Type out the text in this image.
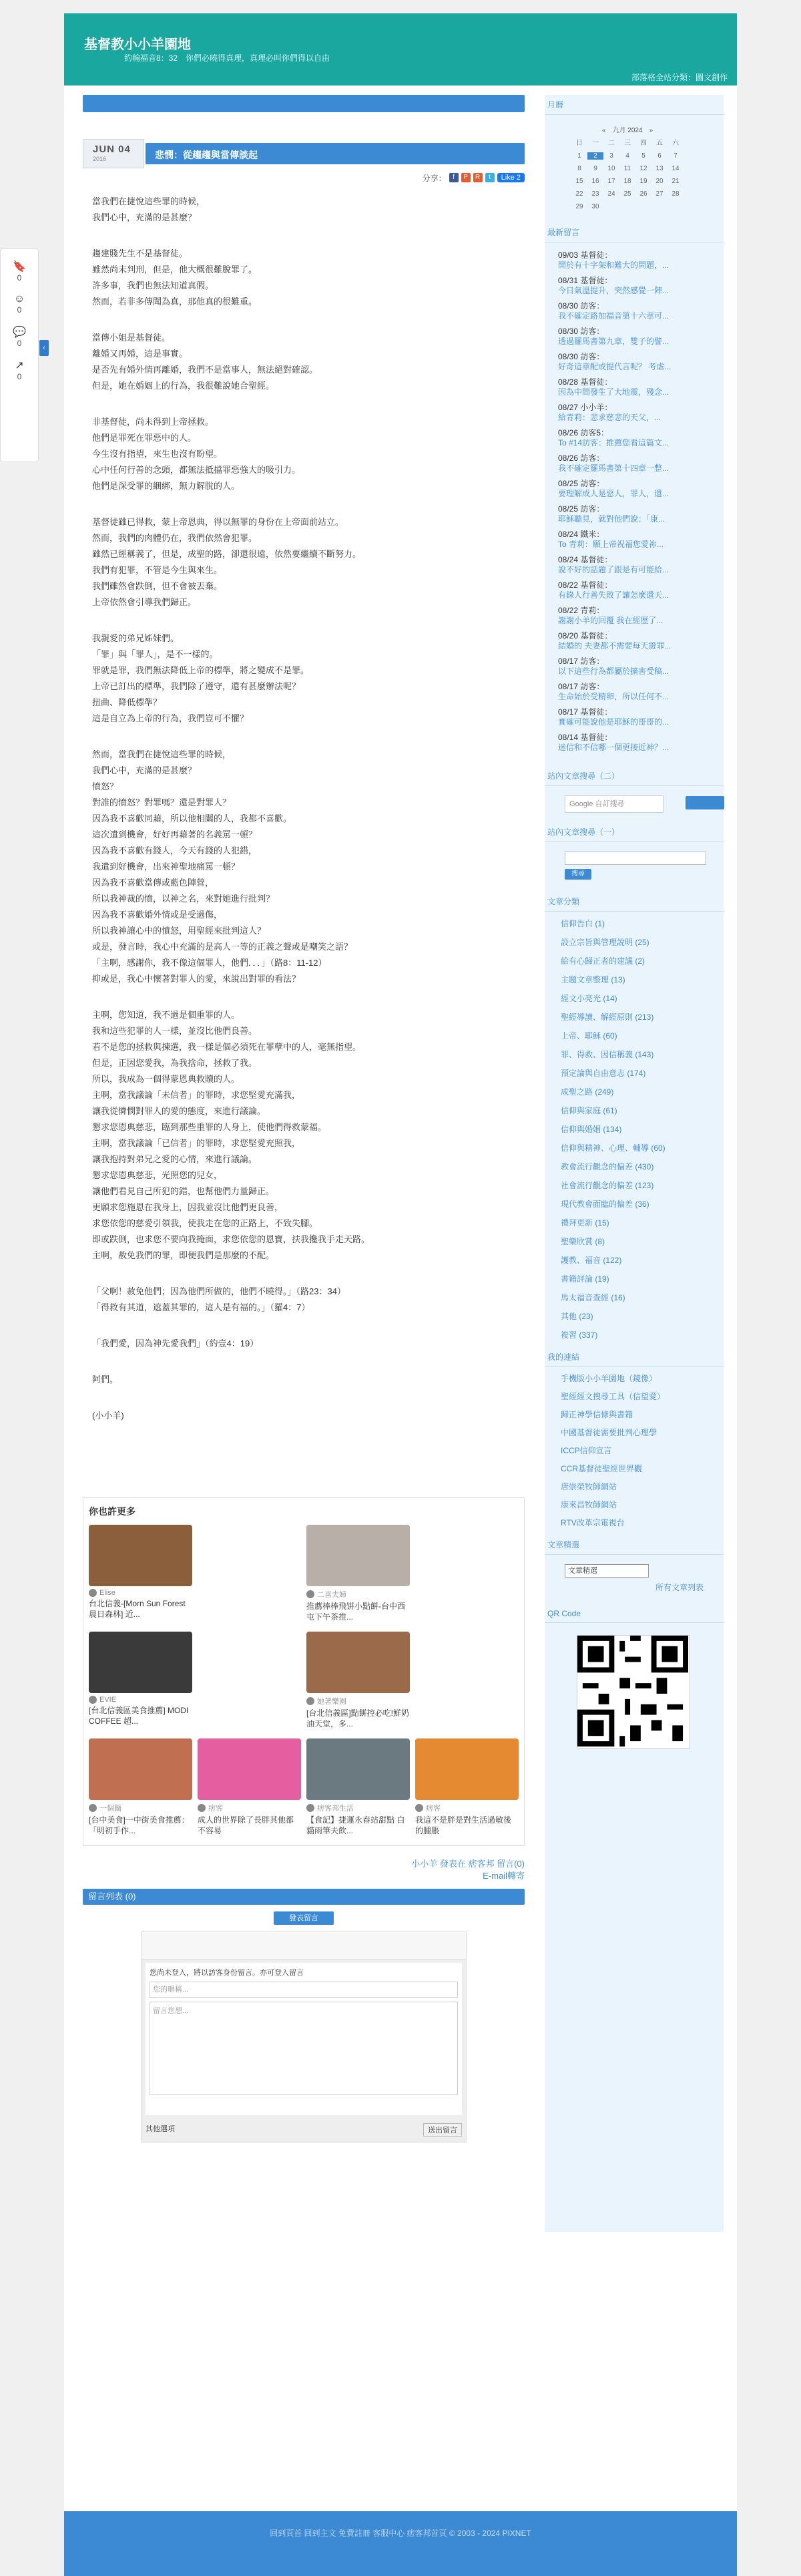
基督教小小羊園地
約翰福音8：32　你們必曉得真理，真理必叫你們得以自由
部落格全站分類：圖文創作
JUN 04
2016	悲憫：從趨趨與當傳談起
分享： f	P	R	t	Like 2
當我們在捷悅這些罪的時候，
我們心中，充滿的是甚麼？
趨建賤先生不是基督徒。
雖然尚未判刑，但是，他大概很難脫罪了。
許多事，我們也無法知道真假。
然而，若非多傳聞為真，那他真的很難重。
當傳小姐是基督徒。
離婚又再婚，這是事實。
是否先有婚外情再離婚，我們不是當事人，無法絕對確認。
但是，她在婚姻上的行為，我很難說她合聖經。
非基督徒，尚未得到上帝拯救。
他們是罪死在罪惡中的人。
今生沒有指望，來生也沒有盼望。
心中任何行善的念頭，都無法抵擋罪惡強大的吸引力。
他們是深受罪的綑綁，無力解脫的人。
基督徒雖已得救，蒙上帝恩典，得以無罪的身份在上帝面前站立。
然而，我們的肉體仍在，我們依然會犯罪。
雖然已經稱義了，但是，成聖的路，卻還很遠，依然要繼續不斷努力。
我們有犯罪，不管是今生與來生。
我們雖然會跌倒，但不會被丟棄。
上帝依然會引導我們歸正。
我親愛的弟兄姊妹們。
「罪」與「罪人」，是不一樣的。
罪就是罪，我們無法降低上帝的標準，將之變成不是罪。
上帝已訂出的標準，我們除了遵守，還有甚麼辦法呢？
扭曲、降低標準？
這是自立為上帝的行為，我們豈可不懼？
然而，當我們在捷悅這些罪的時候，
我們心中，充滿的是甚麼？
憤怒？
對誰的憤怒？對罪嗎？還是對罪人？
因為我不喜歡同藉，所以他相關的人，我都不喜歡。
這次遣到機會，好好再藉著的名義罵一頓？
因為我不喜歡有錢人，今天有錢的人犯錯，
我遣到好機會，出來神聖地痛罵一頓？
因為我不喜歡當傳或藍色陣營，
所以我神裁的憤，以神之名，來對她進行批判？
因為我不喜歡婚外情或是受過傷，
所以我神讓心中的憤怒，用聖經來批判這人？
或是，發言時，我心中充滿的是高人一等的正義之聲或是嘲笑之語？
「主啊，感謝你，我不像這個罪人，他們．．．」（路8：11-12）
抑或是，我心中懷著對罪人的愛，來說出對罪的看法？
主啊，您知道，我不過是個重罪的人。
我和這些犯罪的人一樣，並沒比他們良善。
若不是您的拯救與揀選，我一樣是個必須死在罪孽中的人，毫無指望。
但是，正因您愛我，為我捨命，拯救了我。
所以，我成為一個得蒙恩典救贖的人。
主啊，當我議論「未信者」的罪時，求您堅愛充滿我，
讓我從憐憫對罪人的愛的態度，來進行議論。
懇求您恩典慈悲，臨到那些重罪的人身上，使他們得救蒙福。
主啊，當我議論「已信者」的罪時，求您堅愛充照我，
讓我抱持對弟兄之愛的心情，來進行議論。
懇求您恩典慈悲，光照您的兒女，
讓他們看見自己所犯的錯，也幫他們力量歸正。
更願求您施恩在我身上，因我並沒比他們更良善，
求您依您的慈愛引領我，使我走在您的正路上，不致失腳。
即或跌倒，也求您不要向我掩面，求您依您的恩寶，扶我攙我手走天路。
主啊，赦免我們的罪，即便我們是那麼的不配。
「父啊！赦免他們；因為他們所做的，他們不曉得。」（路23：34）
「得救有其道，遮蓋其罪的，這人是有福的。」（羅4：7）
「我們愛，因為神先愛我們」（約壹4：19）
阿們。
(小小羊)
你也許更多
Elise
台北信義-[Morn Sun Forest 晨日森林] 近...
二喜夫婦
推薦棒棒飛饼小點餅-台中西屯下午茶推...
EVIE
[台北信義區美食推薦] MODI COFFEE 超...
她著樂園
[台北信義區]點餅控必吃!鮮奶油天堂，多...
一個鍋
[台中美食]一中街美食推薦：「明初手作...
痞客
成人的世界除了長胖其他都不容易
痞客邦生活
【食記】捷運永春站甜點 白貓雨筆夫飲...
痞客
我這不是胖是對生活過敏後的腫脹
小小羊 發表在 痞客邦 留言(0)
E-mail轉寄
留言列表 (0)
發表留言
您尚未登入，將以訪客身份留言。亦可登入留言
您的暱稱...
留言您想...
其他選項	送出留言
月曆
«　九月 2024　»
日	一	二	三	四	五	六
1	2	3	4	5	6	7
8	9	10	11	12	13	14
15	16	17	18	19	20	21
22	23	24	25	26	27	28
29	30
最新留言
09/03 基督徒：
開於有十字架和難大的問題，...
08/31 基督徒：
今日氣溫提升，突然感覺一陣...
08/30 訪客：
我不確定路加福音第十六章可...
08/30 訪客：
透過羅馬書第九章，雙子的譬...
08/30 訪客：
好奇這章配或提代言呢？ 考虐...
08/28 基督徒：
因為中間發生了大地震，殘念...
08/27 小小羊：
給青莉：悲求慈悲的天父，...
08/26 訪客5：
To #14訪客：推薦您看這篇文...
08/26 訪客：
我不確定羅馬書第十四章一整...
08/25 訪客：
要理解成人是惡人，罪人，遣...
08/25 訪客：
耶穌聽見，就對他們說：「康...
08/24 鐵米：
To 青莉：願上帝祝福您愛祢...
08/24 基督徒：
說不好的話題了跟是有可能給...
08/22 基督徒：
有錄人行善失敗了讓怎麼遣天...
08/22 青莉：
謝謝小羊的回覆 我在經歷了...
08/20 基督徒：
結婚的 夫妻都不需要每天證罪...
08/17 訪客：
以下這些行為都屬於擴害受稿...
08/17 訪客：
生命始於受精卵，所以任何不...
08/17 基督徒：
實確可能說他是耶穌的哥哥的...
08/14 基督徒：
迷信和不信哪一個更接近神？...
站內文章搜尋（二）
Google 自訂搜尋
站內文章搜尋（一）
搜尋
文章分類
信仰告白 (1)
設立宗旨與管理說明 (25)
給有心歸正者的建議 (2)
主題文章整理 (13)
經文小亮光 (14)
聖經導讀、解經原則 (213)
上帝、耶穌 (60)
罪、得救、因信稱義 (143)
預定論與自由意志 (174)
成聖之路 (249)
信仰與家庭 (61)
信仰與婚姻 (134)
信仰與精神、心理、輔導 (60)
教會流行觀念的偏差 (430)
社會流行觀念的偏差 (123)
現代教會面臨的偏差 (36)
禮拜更新 (15)
聖樂欣賞 (8)
護教、福音 (122)
書籍評論 (19)
馬太福音查經 (16)
其他 (23)
複習 (337)
我的連結
手機版小小羊園地（鏡像）
聖經經文搜尋工具（信望愛）
歸正神學信條與書籍
中國基督徒需要批判心理學
ICCP信仰宣言
CCR基督徒聖經世界觀
唐崇榮牧師網站
康來昌牧師網站
RTV改革宗電視台
文章精選
文章精選
所有文章列表
QR Code
回到頁首 回到主文 免費註冊 客服中心 痞客邦首頁 © 2003 - 2024 PIXNET
🔖
0
☺
0
💬
0
↗
0
‹
